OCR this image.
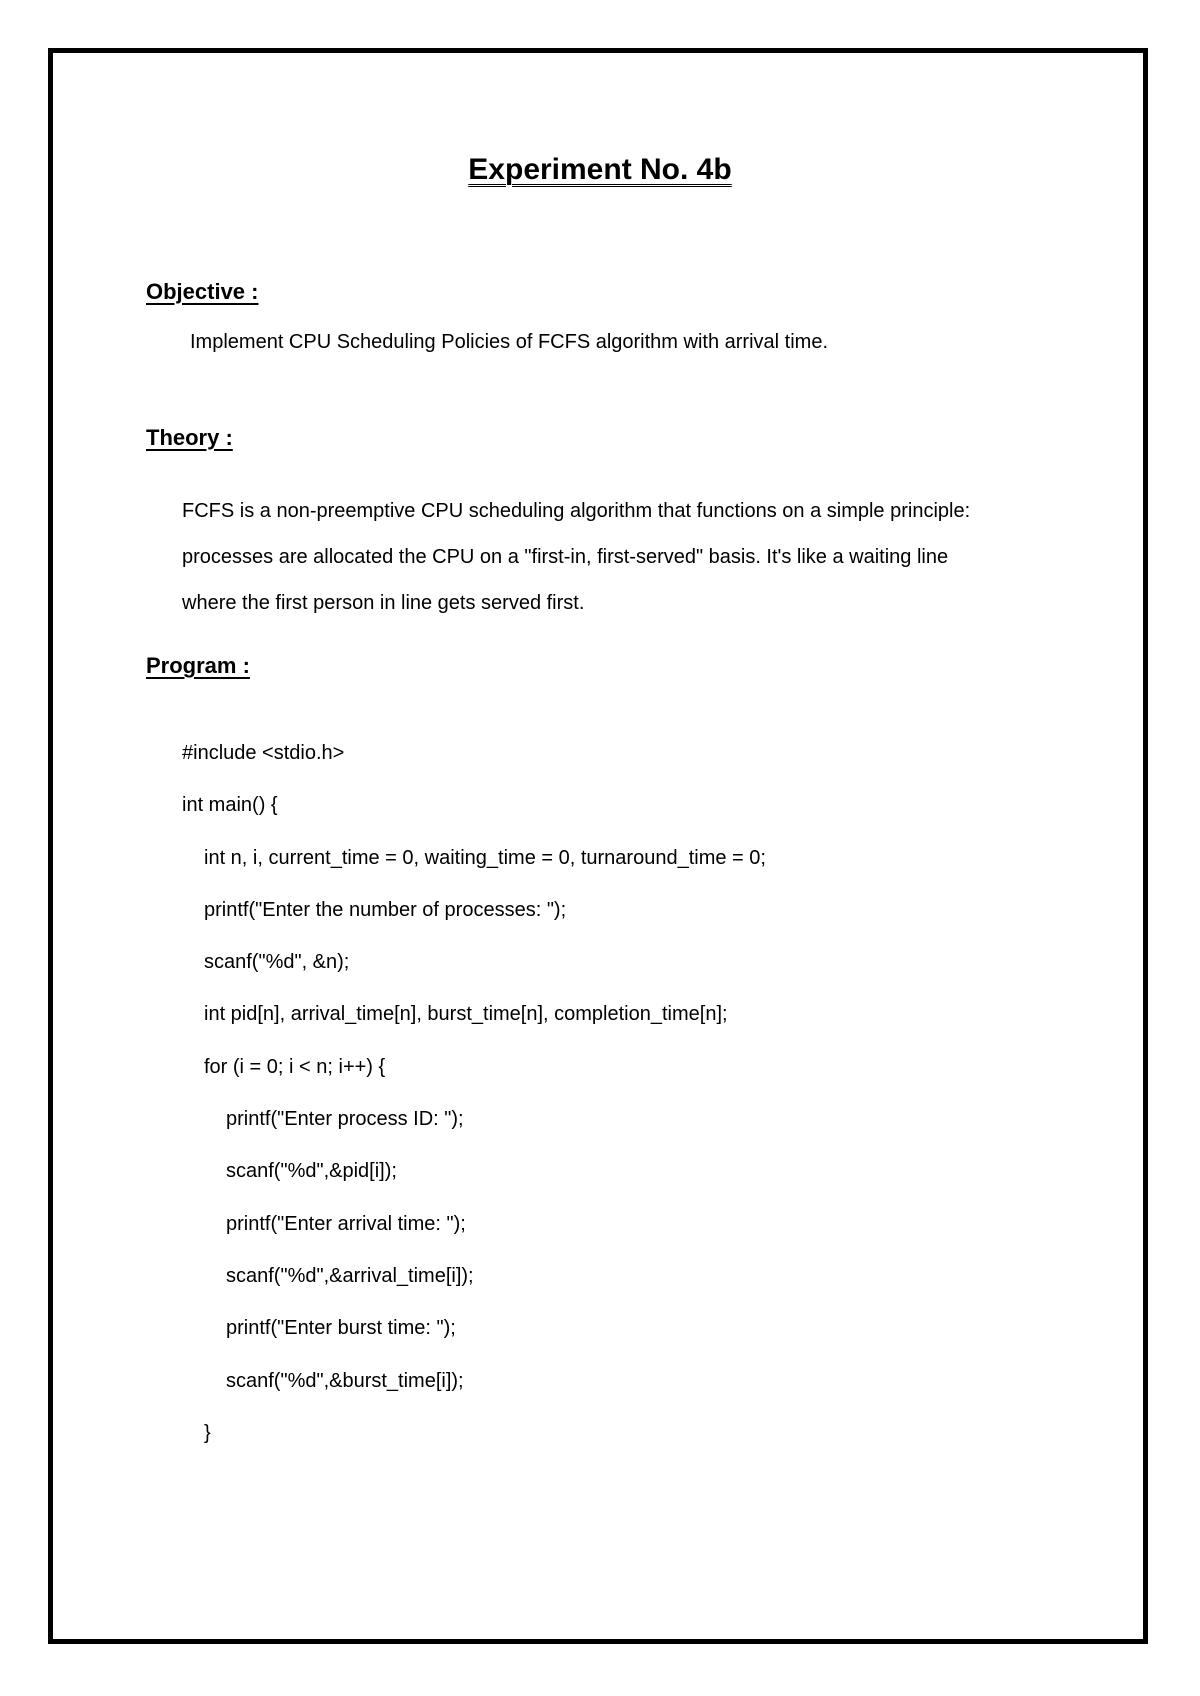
Experiment No. 4b
Objective :
Implement CPU Scheduling Policies of FCFS algorithm with arrival time.
Theory :
FCFS is a non-preemptive CPU scheduling algorithm that functions on a simple principle:
processes are allocated the CPU on a "first-in, first-served" basis. It's like a waiting line
where the first person in line gets served first.
Program :
#include <stdio.h>
int main() {
int n, i, current_time = 0, waiting_time = 0, turnaround_time = 0;
printf("Enter the number of processes: ");
scanf("%d", &n);
int pid[n], arrival_time[n], burst_time[n], completion_time[n];
for (i = 0; i < n; i++) {
printf("Enter process ID: ");
scanf("%d",&pid[i]);
printf("Enter arrival time: ");
scanf("%d",&arrival_time[i]);
printf("Enter burst time: ");
scanf("%d",&burst_time[i]);
}
